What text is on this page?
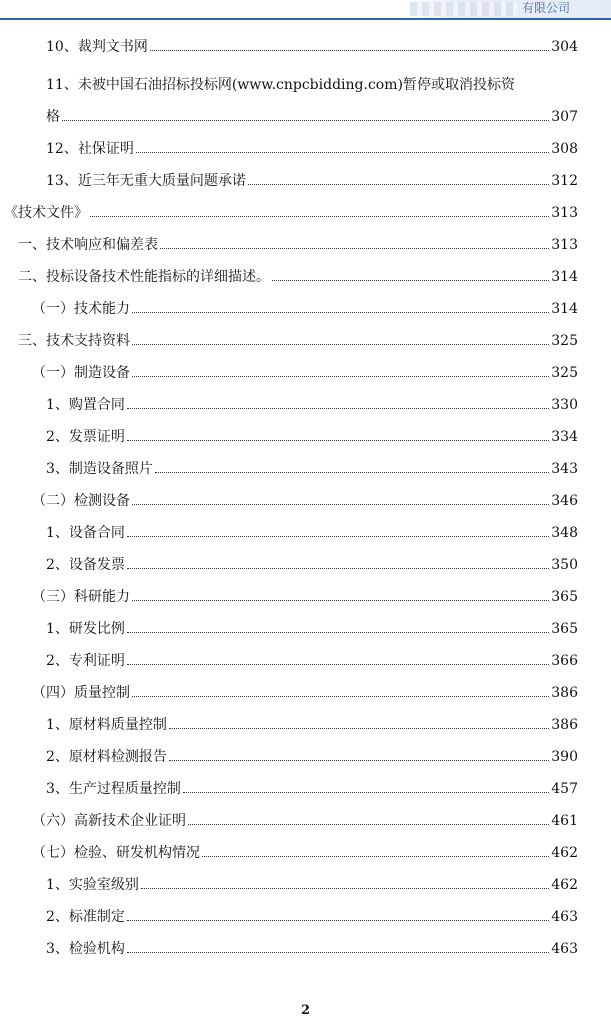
有限公司
10、裁判文书网	304
11、未被中国石油招标投标网(www.cnpcbidding.com)暂停或取消投标资
格	307
12、社保证明	308
13、近三年无重大质量问题承诺	312
《技术文件》	313
一、技术响应和偏差表	313
二、投标设备技术性能指标的详细描述。	314
（一）技术能力	314
三、技术支持资料	325
（一）制造设备	325
1、购置合同	330
2、发票证明	334
3、制造设备照片	343
（二）检测设备	346
1、设备合同	348
2、设备发票	350
（三）科研能力	365
1、研发比例	365
2、专利证明	366
（四）质量控制	386
1、原材料质量控制	386
2、原材料检测报告	390
3、生产过程质量控制	457
（六）高新技术企业证明	461
（七）检验、研发机构情况	462
1、实验室级别	462
2、标准制定	463
3、检验机构	463
2
